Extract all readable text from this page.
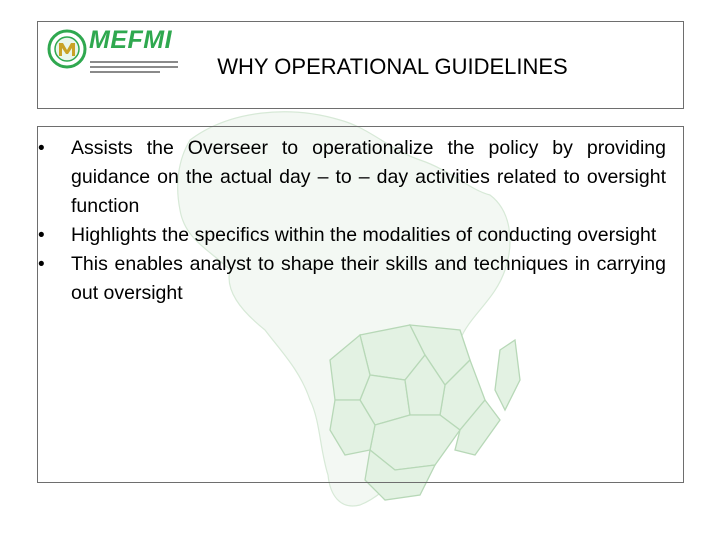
MEFMI
WHY OPERATIONAL GUIDELINES
•	Assists the Overseer to operationalize the policy by providing guidance on the actual day – to – day activities related to oversight function
•	Highlights the specifics within the modalities of conducting oversight
•	This enables analyst to shape their skills and techniques in carrying out oversight
